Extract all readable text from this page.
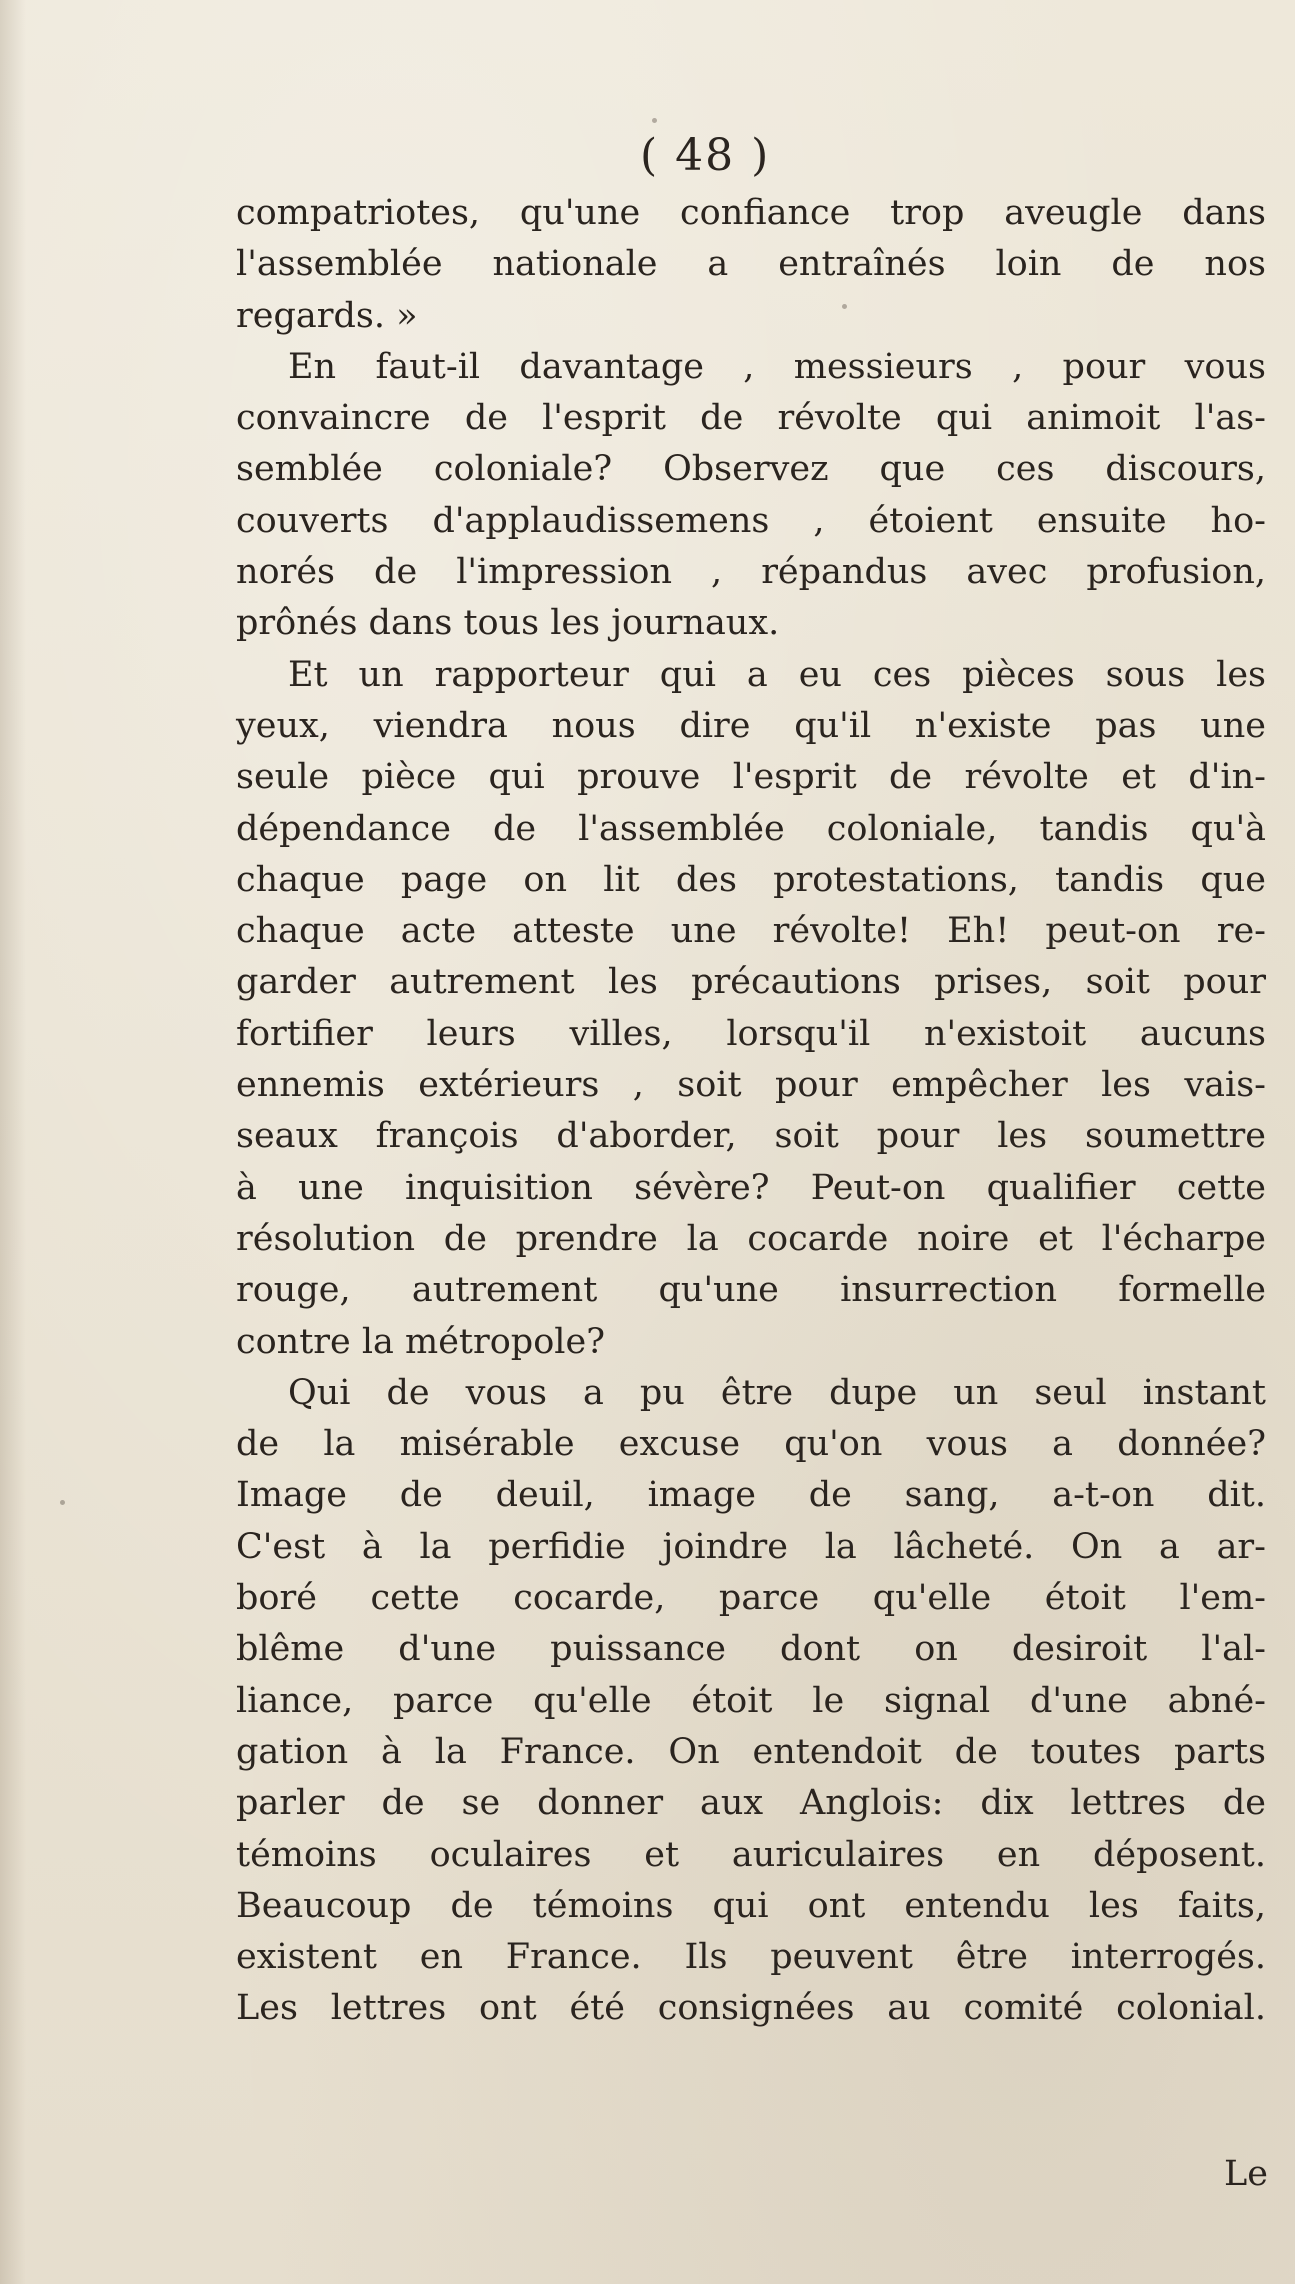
( 48 )
compatriotes, qu'une confiance trop aveugle dans
l'assemblée nationale a entraînés loin de nos
regards. »
En faut-il davantage , messieurs , pour vous
convaincre de l'esprit de révolte qui animoit l'as-
semblée coloniale? Observez que ces discours,
couverts d'applaudissemens , étoient ensuite ho-
norés de l'impression , répandus avec profusion,
prônés dans tous les journaux.
Et un rapporteur qui a eu ces pièces sous les
yeux, viendra nous dire qu'il n'existe pas une
seule pièce qui prouve l'esprit de révolte et d'in-
dépendance de l'assemblée coloniale, tandis qu'à
chaque page on lit des protestations, tandis que
chaque acte atteste une révolte! Eh! peut-on re-
garder autrement les précautions prises, soit pour
fortifier leurs villes, lorsqu'il n'existoit aucuns
ennemis extérieurs , soit pour empêcher les vais-
seaux françois d'aborder, soit pour les soumettre
à une inquisition sévère? Peut-on qualifier cette
résolution de prendre la cocarde noire et l'écharpe
rouge, autrement qu'une insurrection formelle
contre la métropole?
Qui de vous a pu être dupe un seul instant
de la misérable excuse qu'on vous a donnée?
Image de deuil, image de sang, a-t-on dit.
C'est à la perfidie joindre la lâcheté. On a ar-
boré cette cocarde, parce qu'elle étoit l'em-
blême d'une puissance dont on desiroit l'al-
liance, parce qu'elle étoit le signal d'une abné-
gation à la France. On entendoit de toutes parts
parler de se donner aux Anglois: dix lettres de
témoins oculaires et auriculaires en déposent.
Beaucoup de témoins qui ont entendu les faits,
existent en France. Ils peuvent être interrogés.
Les lettres ont été consignées au comité colonial.
Le
